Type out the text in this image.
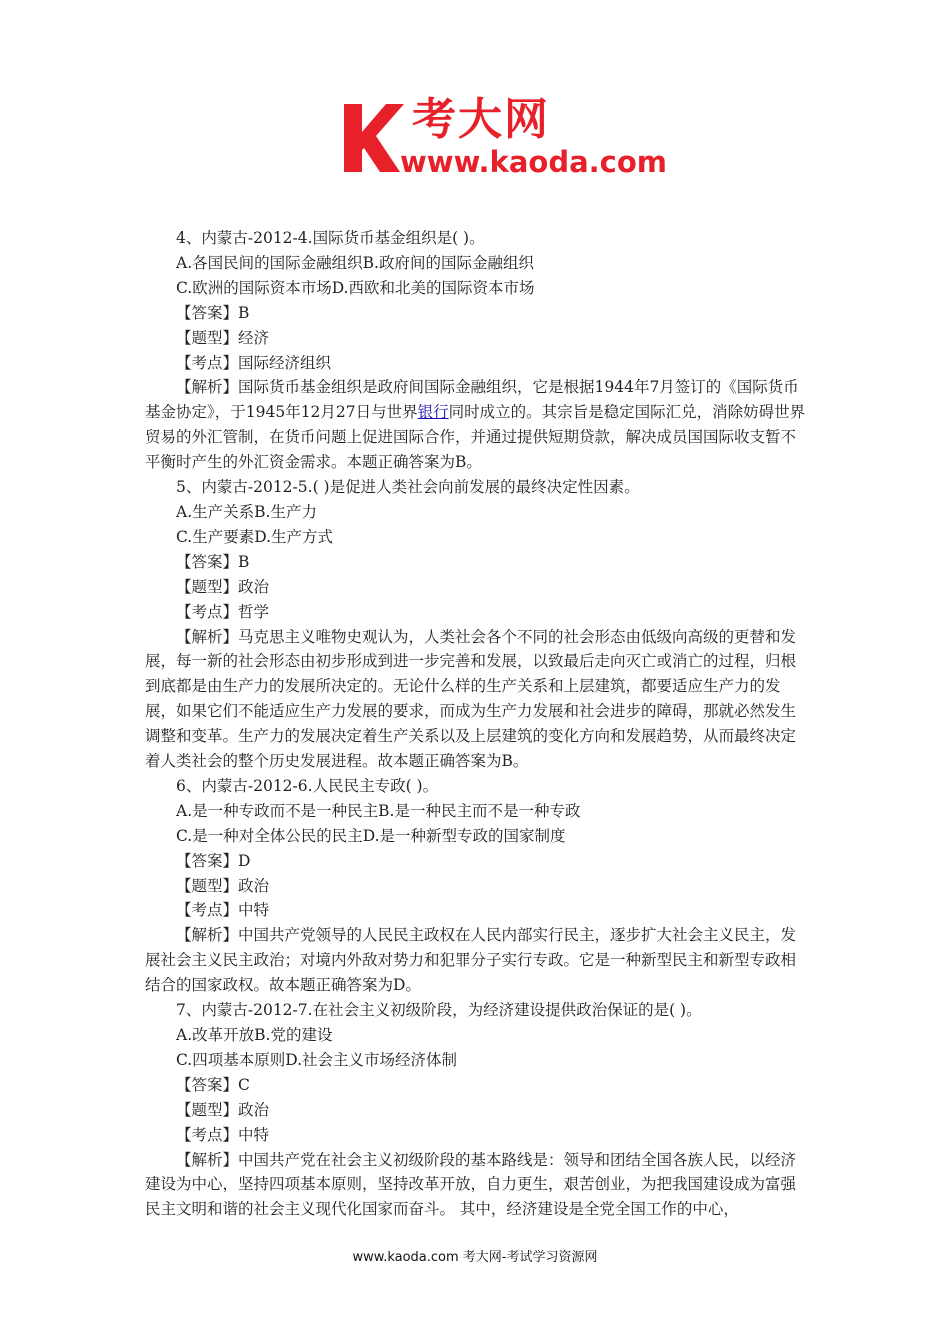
考大网
www.kaoda.com

4、内蒙古-2012-4.国际货币基金组织是( )。

A.各国民间的国际金融组织B.政府间的国际金融组织

C.欧洲的国际资本市场D.西欧和北美的国际资本市场

【答案】B

【题型】经济

【考点】国际经济组织

【解析】国际货币基金组织是政府间国际金融组织，它是根据1944年7月签订的《国际货币基金协定》，于1945年12月27日与世界银行同时成立的。其宗旨是稳定国际汇兑，消除妨碍世界贸易的外汇管制，在货币问题上促进国际合作，并通过提供短期贷款，解决成员国国际收支暂不平衡时产生的外汇资金需求。本题正确答案为B。

5、内蒙古-2012-5.( )是促进人类社会向前发展的最终决定性因素。

A.生产关系B.生产力

C.生产要素D.生产方式

【答案】B

【题型】政治

【考点】哲学

【解析】马克思主义唯物史观认为，人类社会各个不同的社会形态由低级向高级的更替和发展，每一新的社会形态由初步形成到进一步完善和发展，以致最后走向灭亡或消亡的过程，归根到底都是由生产力的发展所决定的。无论什么样的生产关系和上层建筑，都要适应生产力的发展，如果它们不能适应生产力发展的要求，而成为生产力发展和社会进步的障碍，那就必然发生调整和变革。生产力的发展决定着生产关系以及上层建筑的变化方向和发展趋势，从而最终决定着人类社会的整个历史发展进程。故本题正确答案为B。

6、内蒙古-2012-6.人民民主专政( )。

A.是一种专政而不是一种民主B.是一种民主而不是一种专政

C.是一种对全体公民的民主D.是一种新型专政的国家制度

【答案】D

【题型】政治

【考点】中特

【解析】中国共产党领导的人民民主政权在人民内部实行民主，逐步扩大社会主义民主，发展社会主义民主政治；对境内外敌对势力和犯罪分子实行专政。它是一种新型民主和新型专政相结合的国家政权。故本题正确答案为D。

7、内蒙古-2012-7.在社会主义初级阶段，为经济建设提供政治保证的是( )。

A.改革开放B.党的建设

C.四项基本原则D.社会主义市场经济体制

【答案】C

【题型】政治

【考点】中特

【解析】中国共产党在社会主义初级阶段的基本路线是：领导和团结全国各族人民，以经济建设为中心，坚持四项基本原则，坚持改革开放，自力更生，艰苦创业，为把我国建设成为富强民主文明和谐的社会主义现代化国家而奋斗。 其中，经济建设是全党全国工作的中心，

www.kaoda.com 考大网-考试学习资源网
